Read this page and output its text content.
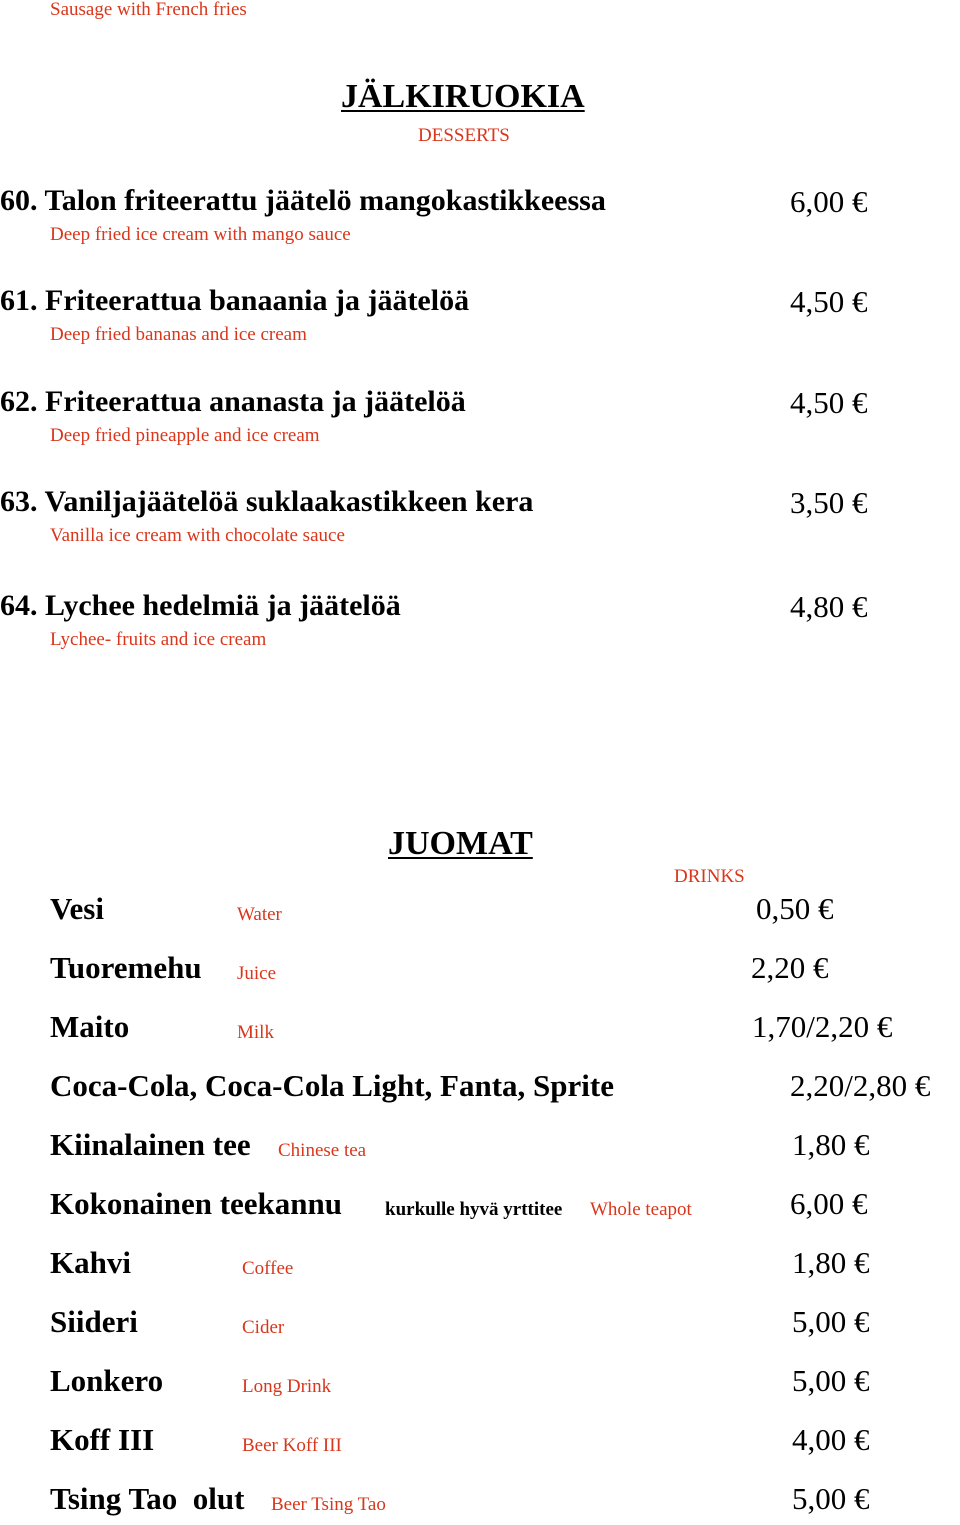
Sausage with French fries
JÄLKIRUOKIA
DESSERTS
60. Talon friteerattu jäätelö mangokastikkeessa	6,00 €
Deep fried ice cream with mango sauce
61. Friteerattua banaania ja jäätelöä	4,50 €
Deep fried bananas and ice cream
62. Friteerattua ananasta ja jäätelöä	4,50 €
Deep fried pineapple and ice cream
63. Vaniljajäätelöä suklaakastikkeen kera	3,50 €
Vanilla ice cream with chocolate sauce
64. Lychee hedelmiä ja jäätelöä	4,80 €
Lychee- fruits and ice cream
JUOMAT
DRINKS
Vesi	Water	0,50 €
Tuoremehu Juice	2,20 €
Maito	Milk	1,70/2,20 €
Coca-Cola, Coca-Cola Light, Fanta, Sprite	2,20/2,80 €
Kiinalainen tee Chinese tea	1,80 €
Kokonainen teekannu kurkulle hyvä yrttitee Whole teapot	6,00 €
Kahvi	Coffee	1,80 €
Siideri	Cider	5,00 €
Lonkero	Long Drink	5,00 €
Koff III	Beer Koff III	4,00 €
Tsing Tao  olut Beer Tsing Tao	5,00 €
